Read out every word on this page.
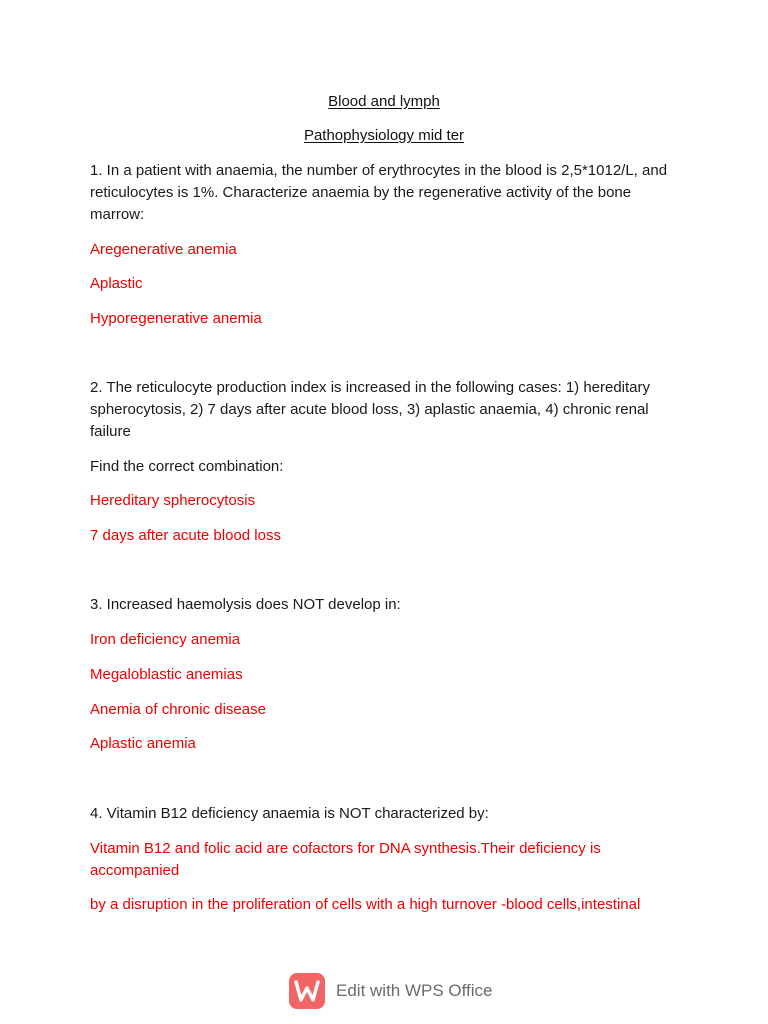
Blood and lymph
Pathophysiology mid ter
1. In a patient with anaemia, the number of erythrocytes in the blood is 2,5*1012/L, and
reticulocytes is 1%. Characterize anaemia by the regenerative activity of the bone
marrow:
Aregenerative anemia
Aplastic
Hyporegenerative anemia
2. The reticulocyte production index is increased in the following cases: 1) hereditary
spherocytosis, 2) 7 days after acute blood loss, 3) aplastic anaemia, 4) chronic renal
failure
Find the correct combination:
Hereditary spherocytosis
7 days after acute blood loss
3. Increased haemolysis does NOT develop in:
Iron deficiency anemia
Megaloblastic anemias
Anemia of chronic disease
Aplastic anemia
4. Vitamin B12 deficiency anaemia is NOT characterized by:
Vitamin B12 and folic acid are cofactors for DNA synthesis.Their deficiency is
accompanied
by a disruption in the proliferation of cells with a high turnover -blood cells,intestinal
Edit with WPS Office
